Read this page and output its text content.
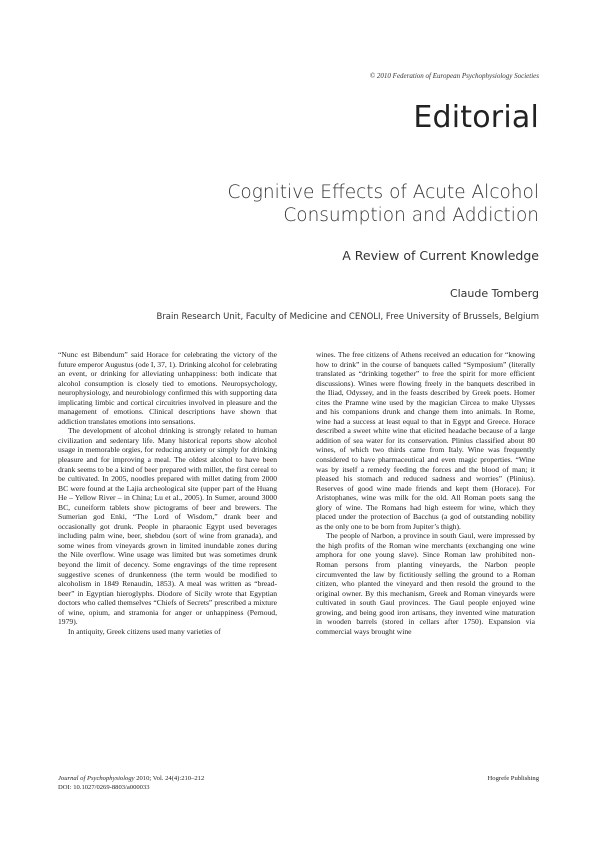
© 2010 Federation of European Psychophysiology Societies
Editorial
Cognitive Effects of Acute Alcohol
Consumption and Addiction
A Review of Current Knowledge
Claude Tomberg
Brain Research Unit, Faculty of Medicine and CENOLI, Free University of Brussels, Belgium

“Nunc est Bibendum” said Horace for celebrating the victory of the future emperor Augustus (ode I, 37, 1). Drinking alcohol for celebrating an event, or drinking for alleviating unhappiness: both indicate that alcohol consumption is closely tied to emotions. Neuropsychology, neurophysiology, and neurobiology confirmed this with supporting data implicating limbic and cortical circuitries involved in pleasure and the management of emotions. Clinical descriptions have shown that addiction translates emotions into sensations.

The development of alcohol drinking is strongly related to human civilization and sedentary life. Many historical reports show alcohol usage in memorable orgies, for reducing anxiety or simply for drinking pleasure and for improving a meal. The oldest alcohol to have been drank seems to be a kind of beer prepared with millet, the first cereal to be cultivated. In 2005, noodles prepared with millet dating from 2000 BC were found at the Lajia archeological site (upper part of the Huang He – Yellow River – in China; Lu et al., 2005). In Sumer, around 3000 BC, cuneiform tablets show pictograms of beer and brewers. The Sumerian god Enki, “The Lord of Wisdom,” drank beer and occasionally got drunk. People in pharaonic Egypt used beverages including palm wine, beer, shebdou (sort of wine from granada), and some wines from vineyards grown in limited inundable zones during the Nile overflow. Wine usage was limited but was sometimes drunk beyond the limit of decency. Some engravings of the time represent suggestive scenes of drunkenness (the term would be modified to alcoholism in 1849 Renaudin, 1853). A meal was written as “bread-beer” in Egyptian hieroglyphs. Diodore of Sicily wrote that Egyptian doctors who called themselves “Chiefs of Secrets” prescribed a mixture of wine, opium, and stramonia for anger or unhappiness (Pernoud, 1979).

In antiquity, Greek citizens used many varieties of

wines. The free citizens of Athens received an education for “knowing how to drink” in the course of banquets called “Symposium” (literally translated as “drinking together” to free the spirit for more efficient discussions). Wines were flowing freely in the banquets described in the Iliad, Odyssey, and in the feasts described by Greek poets. Homer cites the Pramne wine used by the magician Circea to make Ulysses and his companions drunk and change them into animals. In Rome, wine had a success at least equal to that in Egypt and Greece. Horace described a sweet white wine that elicited headache because of a large addition of sea water for its conservation. Plinius classified about 80 wines, of which two thirds came from Italy. Wine was frequently considered to have pharmaceutical and even magic properties. “Wine was by itself a remedy feeding the forces and the blood of man; it pleased his stomach and reduced sadness and worries” (Plinius). Reserves of good wine made friends and kept them (Horace). For Aristophanes, wine was milk for the old. All Roman poets sang the glory of wine. The Romans had high esteem for wine, which they placed under the protection of Bacchus (a god of outstanding nobility as the only one to be born from Jupiter’s thigh).

The people of Narbon, a province in south Gaul, were impressed by the high profits of the Roman wine merchants (exchanging one wine amphora for one young slave). Since Roman law prohibited non-Roman persons from planting vineyards, the Narbon people circumvented the law by fictitiously selling the ground to a Roman citizen, who planted the vineyard and then resold the ground to the original owner. By this mechanism, Greek and Roman vineyards were cultivated in south Gaul provinces. The Gaul people enjoyed wine growing, and being good iron artisans, they invented wine maturation in wooden barrels (stored in cellars after 1750). Expansion via commercial ways brought wine

Journal of Psychophysiology 2010; Vol. 24(4):210–212
DOI: 10.1027/0269-8803/a000033
Hogrefe Publishing
